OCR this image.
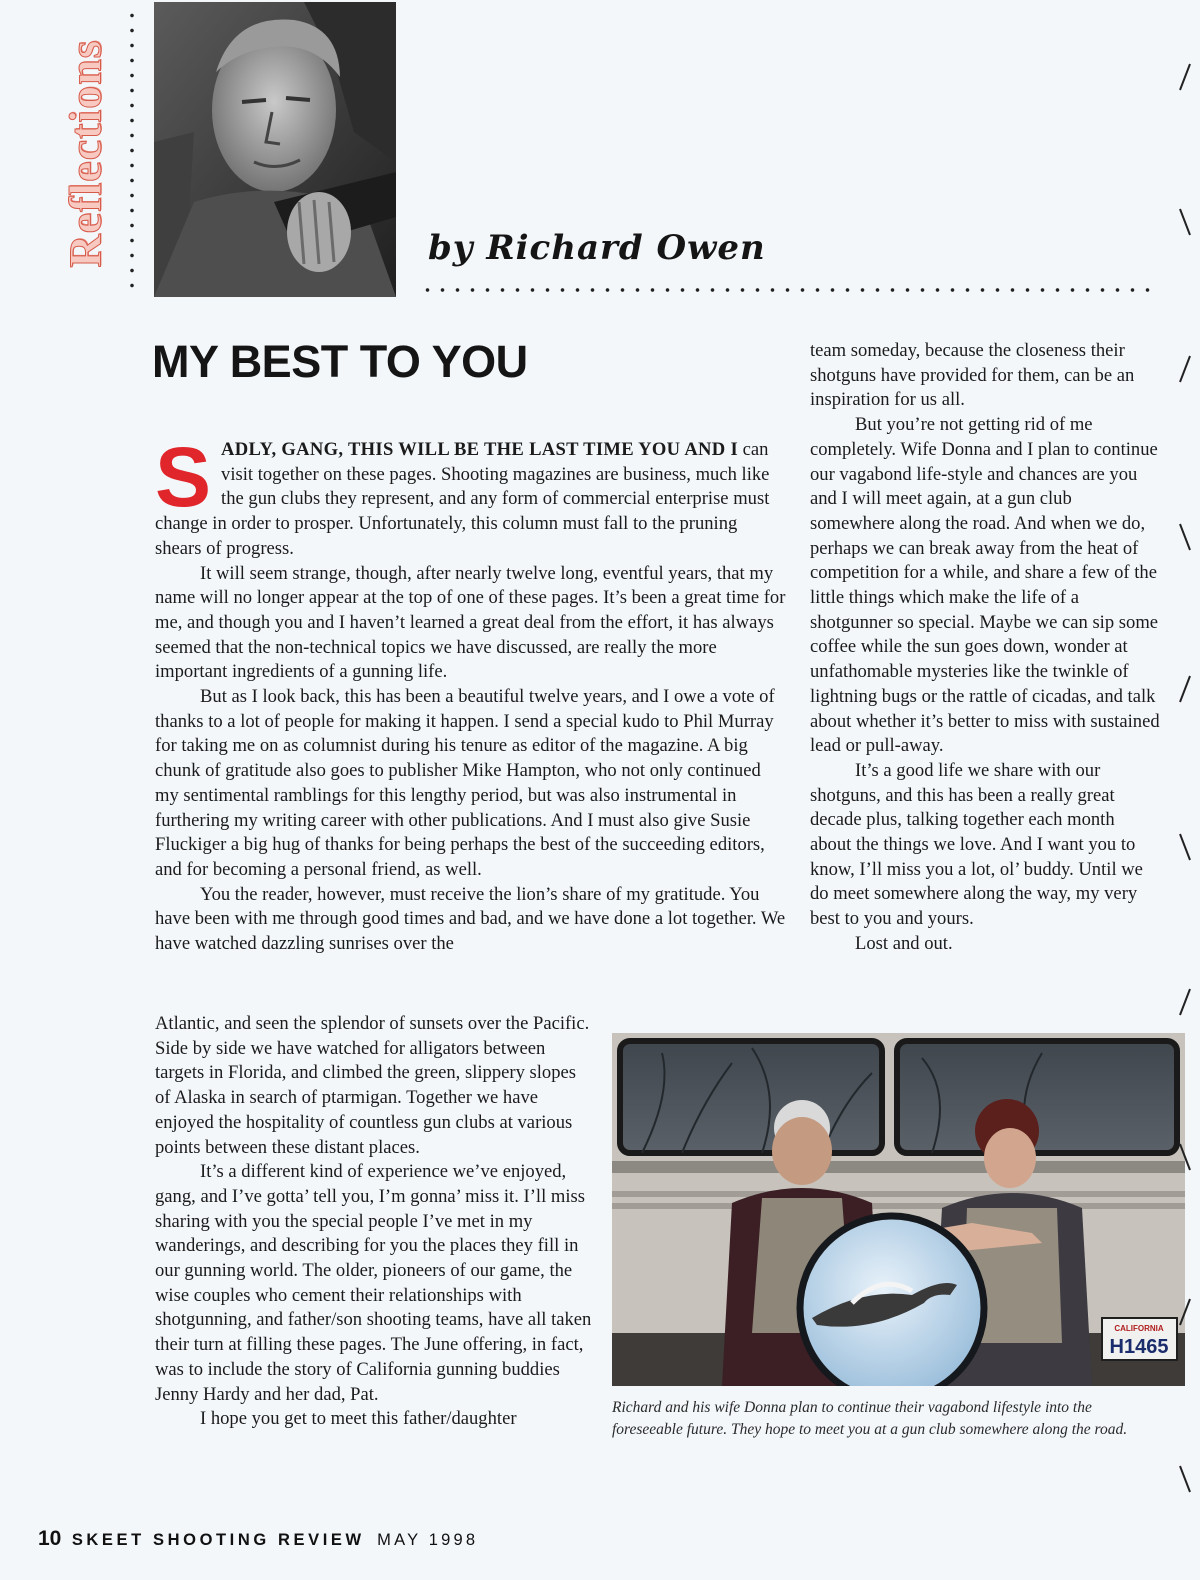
Reflections	by Richard Owen
MY BEST TO YOU

SADLY, GANG, THIS WILL BE THE LAST TIME YOU AND I can visit together on these pages. Shooting magazines are business, much like the gun clubs they represent, and any form of commercial enterprise must change in order to prosper. Unfortunately, this column must fall to the pruning shears of progress.

It will seem strange, though, after nearly twelve long, eventful years, that my name will no longer appear at the top of one of these pages. It’s been a great time for me, and though you and I haven’t learned a great deal from the effort, it has always seemed that the non-technical topics we have discussed, are really the more important ingredients of a gunning life.

But as I look back, this has been a beautiful twelve years, and I owe a vote of thanks to a lot of people for making it happen. I send a special kudo to Phil Murray for taking me on as columnist during his tenure as editor of the magazine. A big chunk of gratitude also goes to publisher Mike Hampton, who not only continued my sentimental ramblings for this lengthy period, but was also instrumental in furthering my writing career with other publications. And I must also give Susie Fluckiger a big hug of thanks for being perhaps the best of the succeeding editors, and for becoming a personal friend, as well.

You the reader, however, must receive the lion’s share of my gratitude. You have been with me through good times and bad, and we have done a lot together. We have watched dazzling sunrises over the

Atlantic, and seen the splendor of sunsets over the Pacific. Side by side we have watched for alligators between targets in Florida, and climbed the green, slippery slopes of Alaska in search of ptarmigan. Together we have enjoyed the hospitality of countless gun clubs at various points between these distant places.

It’s a different kind of experience we’ve enjoyed, gang, and I’ve gotta’ tell you, I’m gonna’ miss it. I’ll miss sharing with you the special people I’ve met in my wanderings, and describing for you the places they fill in our gunning world. The older, pioneers of our game, the wise couples who cement their relationships with shotgunning, and father/son shooting teams, have all taken their turn at filling these pages. The June offering, in fact, was to include the story of California gunning buddies Jenny Hardy and her dad, Pat.

I hope you get to meet this father/daughter

team someday, because the closeness their shotguns have provided for them, can be an inspiration for us all.

But you’re not getting rid of me completely. Wife Donna and I plan to continue our vagabond life-style and chances are you and I will meet again, at a gun club somewhere along the road. And when we do, perhaps we can break away from the heat of competition for a while, and share a few of the little things which make the life of a shotgunner so special. Maybe we can sip some coffee while the sun goes down, wonder at unfathomable mysteries like the twinkle of lightning bugs or the rattle of cicadas, and talk about whether it’s better to miss with sustained lead or pull-away.

It’s a good life we share with our shotguns, and this has been a really great decade plus, talking together each month about the things we love. And I want you to know, I’ll miss you a lot, ol’ buddy. Until we do meet somewhere along the way, my very best to you and yours.

Lost and out.

CALIFORNIA
H1465

Richard and his wife Donna plan to continue their vagabond lifestyle into the foreseeable future. They hope to meet you at a gun club somewhere along the road.

10 SKEET SHOOTING REVIEW MAY 1998
